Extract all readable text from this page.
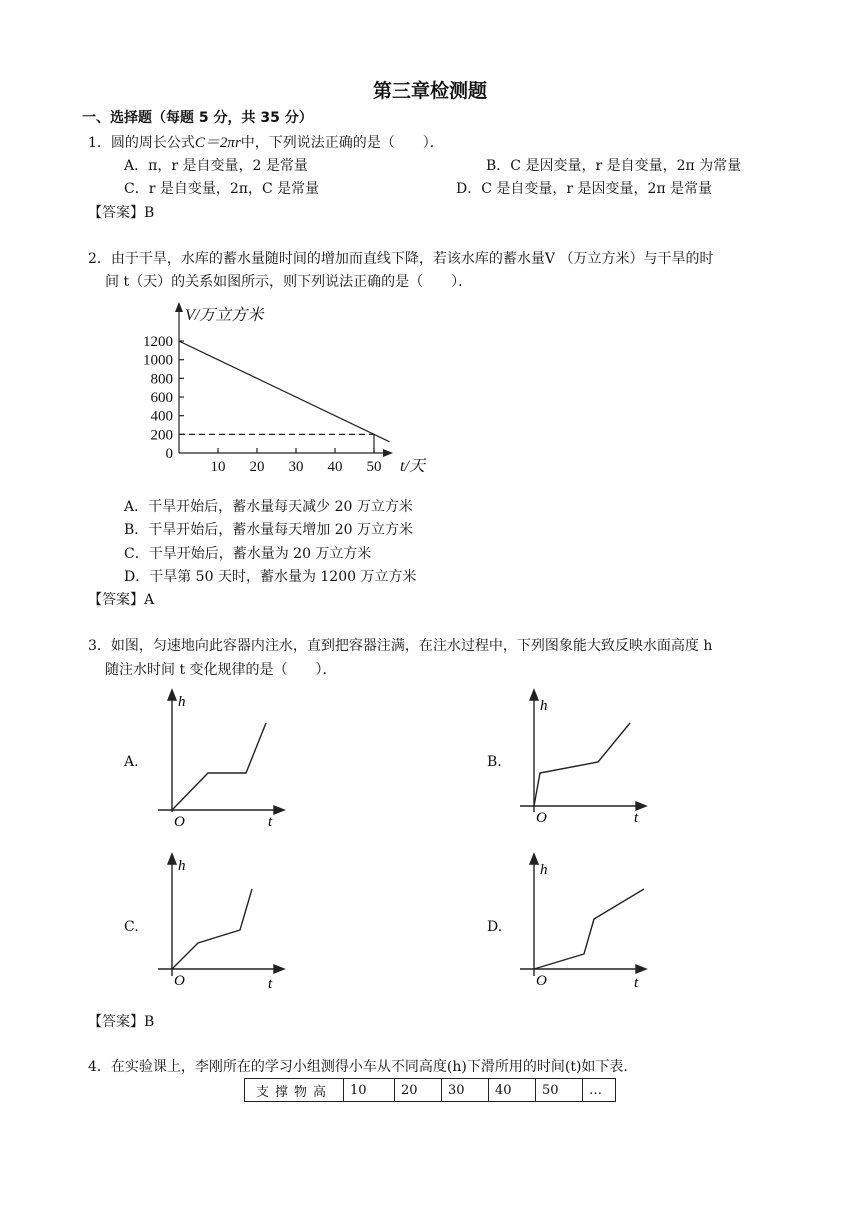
第三章检测题
一、选择题（每题 5 分，共 35 分）
1．圆的周长公式C＝2πr中，下列说法正确的是（　　）．
A．π，r 是自变量，2 是常量	B．C 是因变量，r 是自变量，2π 为常量
C．r 是自变量，2π，C 是常量	D．C 是自变量，r 是因变量，2π 是常量
【答案】B
2．由于干旱，水库的蓄水量随时间的增加而直线下降，若该水库的蓄水量V （万立方米）与干旱的时
间 t（天）的关系如图所示，则下列说法正确的是（　　）．
0
200
400
600
800
1000
1200
10 20 30 40 50
V/万立方米
t/天
A．干旱开始后，蓄水量每天减少 20 万立方米
B．干旱开始后，蓄水量每天增加 20 万立方米
C．干旱开始后，蓄水量为 20 万立方米
D．干旱第 50 天时，蓄水量为 1200 万立方米
【答案】A
3．如图，匀速地向此容器内注水，直到把容器注满，在注水过程中，下列图象能大致反映水面高度 h
随注水时间 t 变化规律的是（　　）．
A.	B.
C.	D.
h
O	t
h
O	t
h
O	t
h
O	t
【答案】B
4．在实验课上，李刚所在的学习小组测得小车从不同高度(h)下滑所用的时间(t)如下表.
支撑物高	10	20	30	40	50	…
